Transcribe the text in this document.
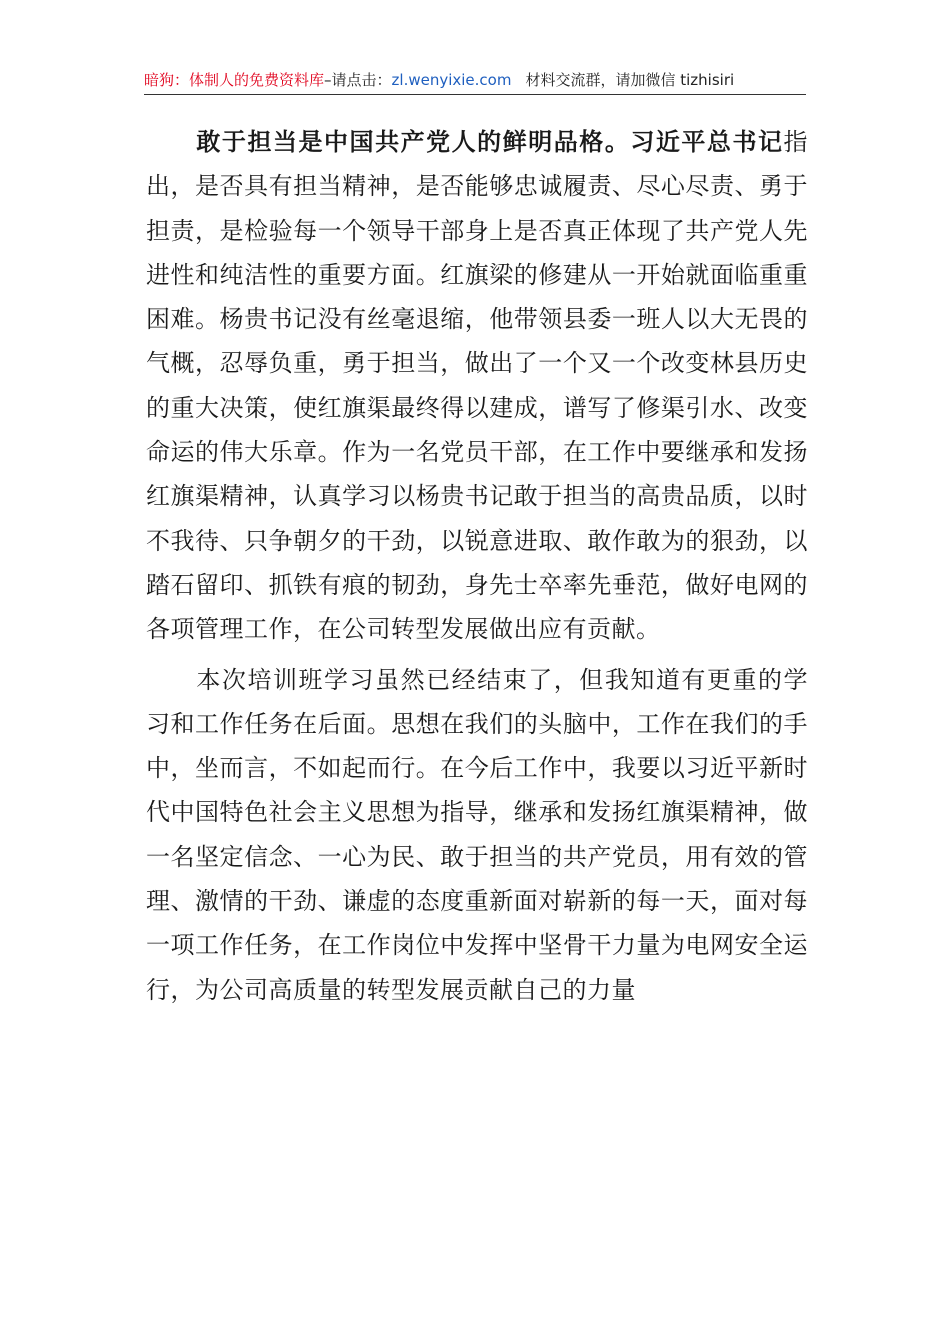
暗狗：体制人的免费资料库–请点击：zl.wenyixie.com 材料交流群，请加微信 tizhisiri

敢于担当是中国共产党人的鲜明品格。习近平总书记指出，是否具有担当精神，是否能够忠诚履责、尽心尽责、勇于担责，是检验每一个领导干部身上是否真正体现了共产党人先进性和纯洁性的重要方面。红旗梁的修建从一开始就面临重重困难。杨贵书记没有丝毫退缩，他带领县委一班人以大无畏的气概，忍辱负重，勇于担当，做出了一个又一个改变林县历史的重大决策，使红旗渠最终得以建成，谱写了修渠引水、改变命运的伟大乐章。作为一名党员干部，在工作中要继承和发扬红旗渠精神，认真学习以杨贵书记敢于担当的高贵品质，以时不我待、只争朝夕的干劲，以锐意进取、敢作敢为的狠劲，以踏石留印、抓铁有痕的韧劲，身先士卒率先垂范，做好电网的各项管理工作，在公司转型发展做出应有贡献。

本次培训班学习虽然已经结束了，但我知道有更重的学习和工作任务在后面。思想在我们的头脑中，工作在我们的手中，坐而言，不如起而行。在今后工作中，我要以习近平新时代中国特色社会主义思想为指导，继承和发扬红旗渠精神，做一名坚定信念、一心为民、敢于担当的共产党员，用有效的管理、激情的干劲、谦虚的态度重新面对崭新的每一天，面对每一项工作任务，在工作岗位中发挥中坚骨干力量为电网安全运行，为公司高质量的转型发展贡献自己的力量
